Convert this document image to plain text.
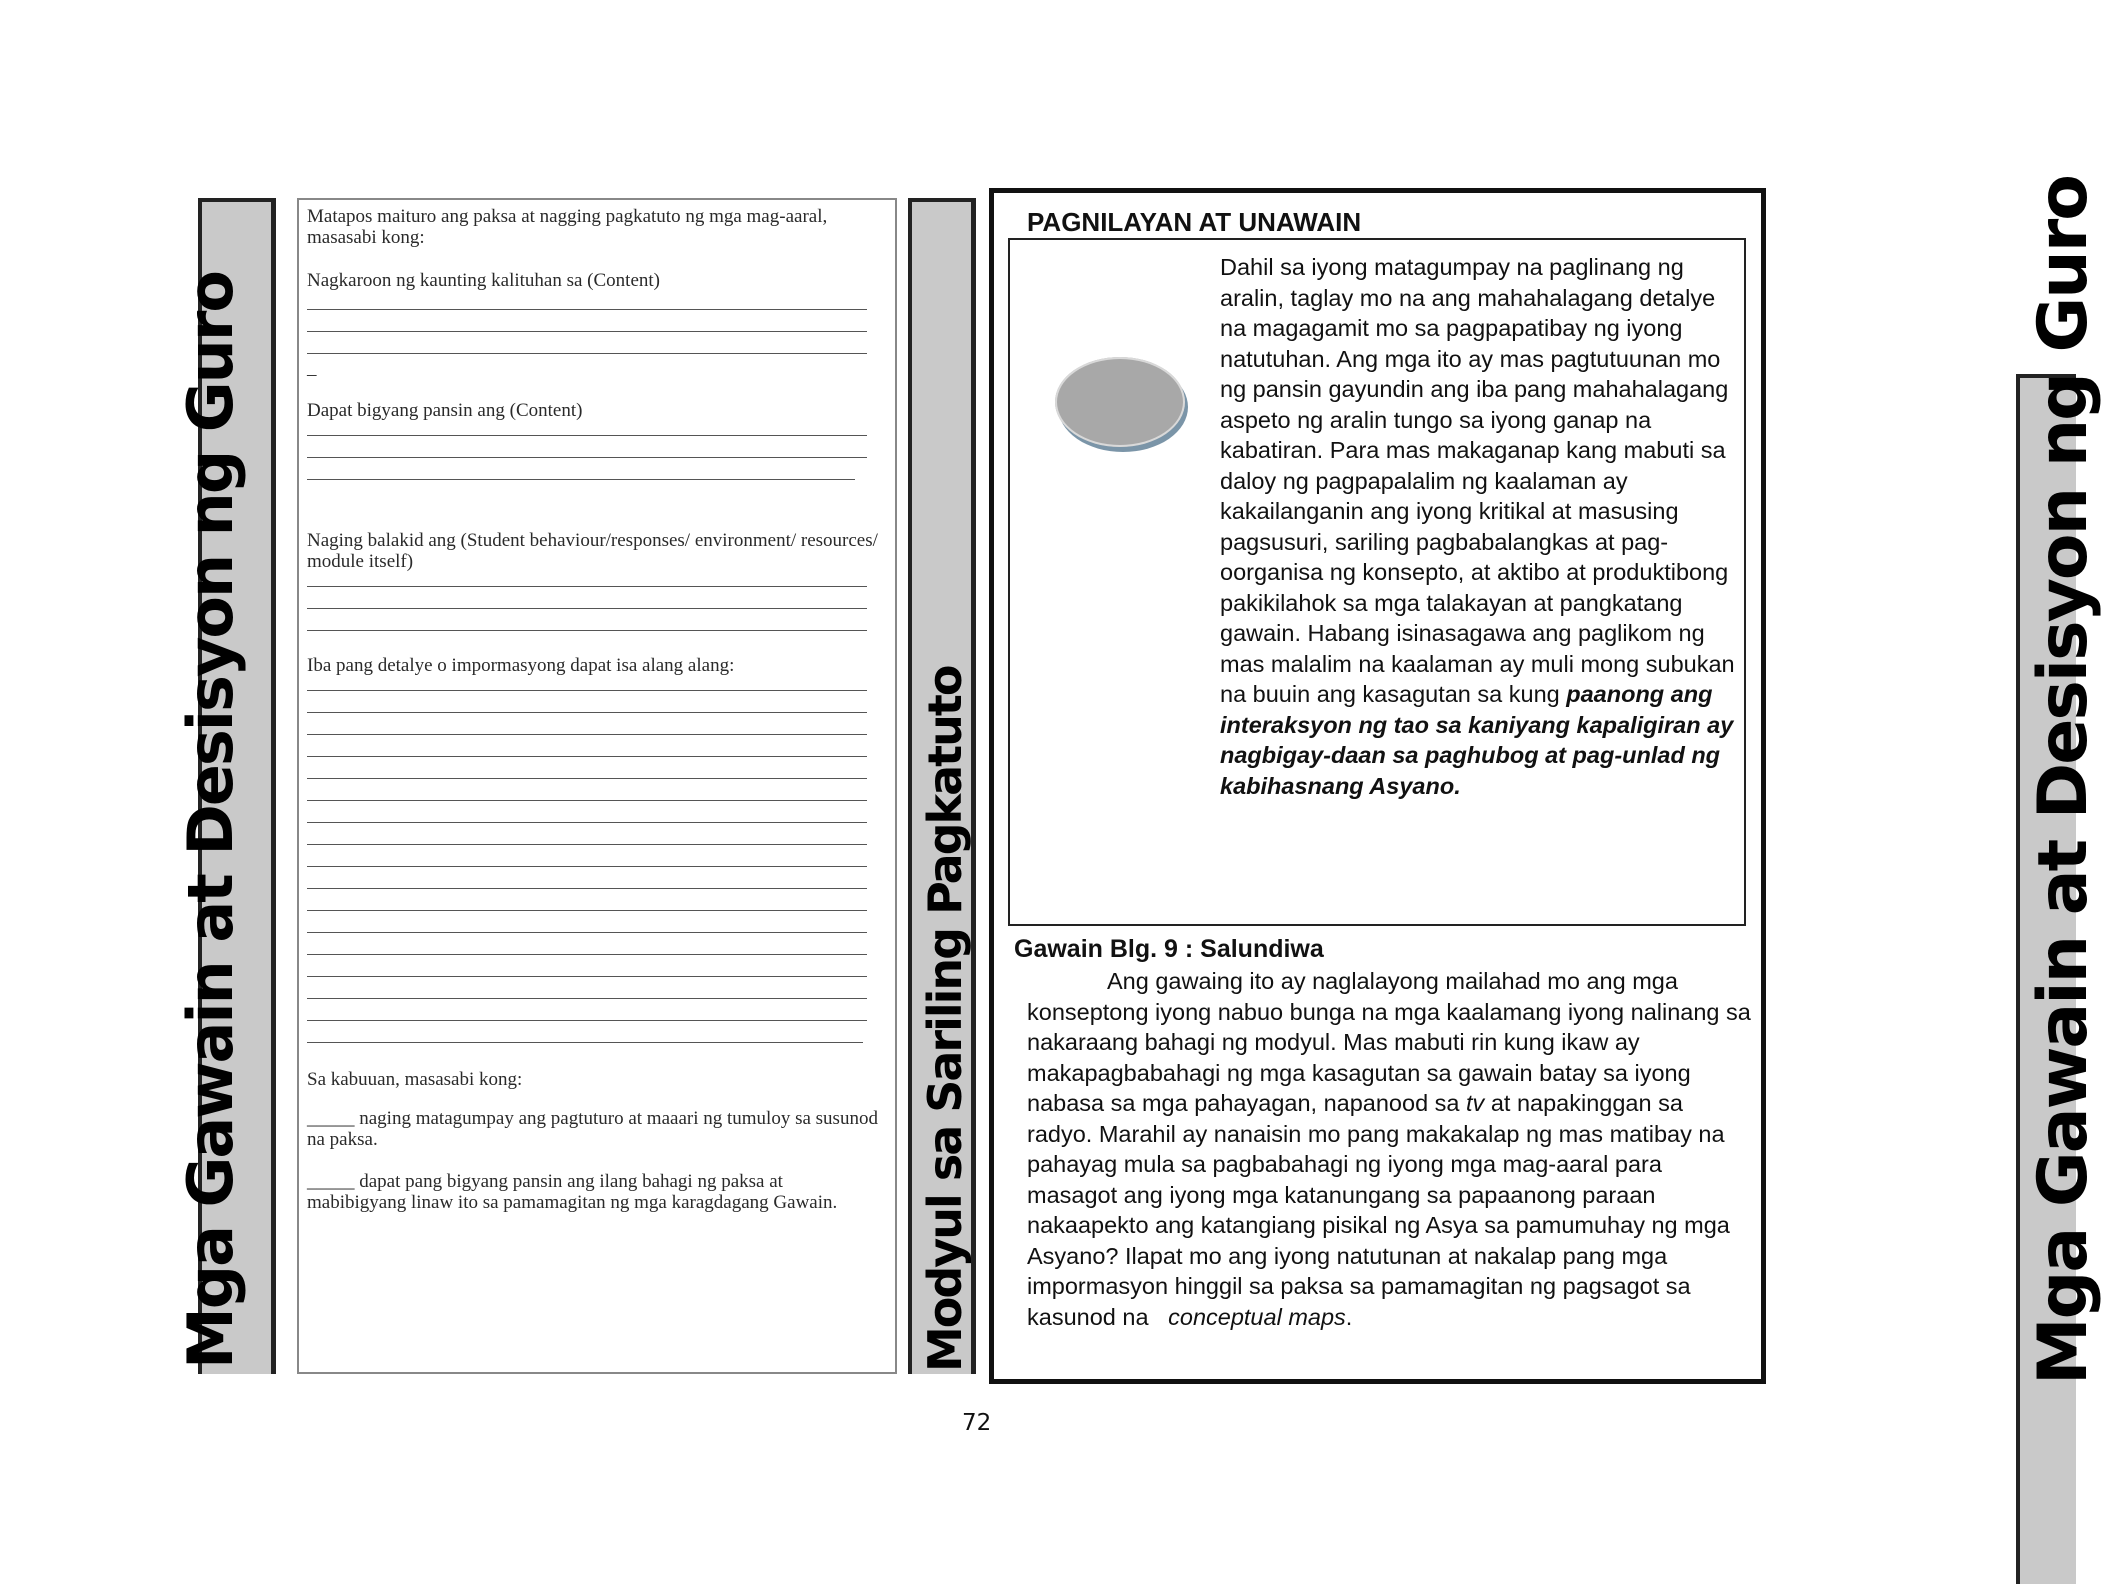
Mga Gawain at Desisyon ng Guro

Matapos maituro ang paksa at nagging pagkatuto ng mga mag-aaral, masasabi kong:

Nagkaroon ng kaunting kalituhan sa (Content)

–

Dapat bigyang pansin ang (Content)

Naging balakid ang (Student behaviour/responses/ environment/ resources/ module itself)

Iba pang detalye o impormasyong dapat isa alang alang:

Sa kabuuan, masasabi kong:

_____ naging matagumpay ang pagtuturo at maaari ng tumuloy sa susunod na paksa.

_____ dapat pang bigyang pansin ang ilang bahagi ng paksa at mabibigyang linaw ito sa pamamagitan ng mga karagdagang Gawain.	Modyul sa Sariling Pagkatuto
PAGNILAYAN AT UNAWAIN
Dahil sa iyong matagumpay na paglinang ng aralin, taglay mo na ang mahahalagang detalye na magagamit mo sa pagpapatibay ng iyong natutuhan. Ang mga ito ay mas pagtutuunan mo ng pansin gayundin ang iba pang mahahalagang aspeto ng aralin tungo sa iyong ganap na kabatiran. Para mas makaganap kang mabuti sa daloy ng pagpapalalim ng kaalaman ay kakailanganin ang iyong kritikal at masusing pagsusuri, sariling pagbabalangkas at pag-oorganisa ng konsepto, at aktibo at produktibong pakikilahok sa mga talakayan at pangkatang gawain. Habang isinasagawa ang paglikom ng mas malalim na kaalaman ay muli mong subukan na buuin ang kasagutan sa kung paanong ang interaksyon ng tao sa kaniyang kapaligiran ay nagbigay-daan sa paghubog at pag-unlad ng kabihasnang Asyano.
Gawain Blg. 9 : Salundiwa
Ang gawaing ito ay naglalayong mailahad mo ang mga konseptong iyong nabuo bunga na mga kaalamang iyong nalinang sa nakaraang bahagi ng modyul. Mas mabuti rin kung ikaw ay makapagbabahagi ng mga kasagutan sa gawain batay sa iyong nabasa sa mga pahayagan, napanood sa tv at napakinggan sa radyo. Marahil ay nanaisin mo pang makakalap ng mas matibay na pahayag mula sa pagbabahagi ng iyong mga mag-aaral para masagot ang iyong mga katanungang sa papaanong paraan nakaapekto ang katangiang pisikal ng Asya sa pamumuhay ng mga Asyano? Ilapat mo ang iyong natutunan at nakalap pang mga impormasyon hinggil sa paksa sa pamamagitan ng pagsagot sa kasunod na conceptual maps.	Mga Gawain at Desisyon ng Guro
72
